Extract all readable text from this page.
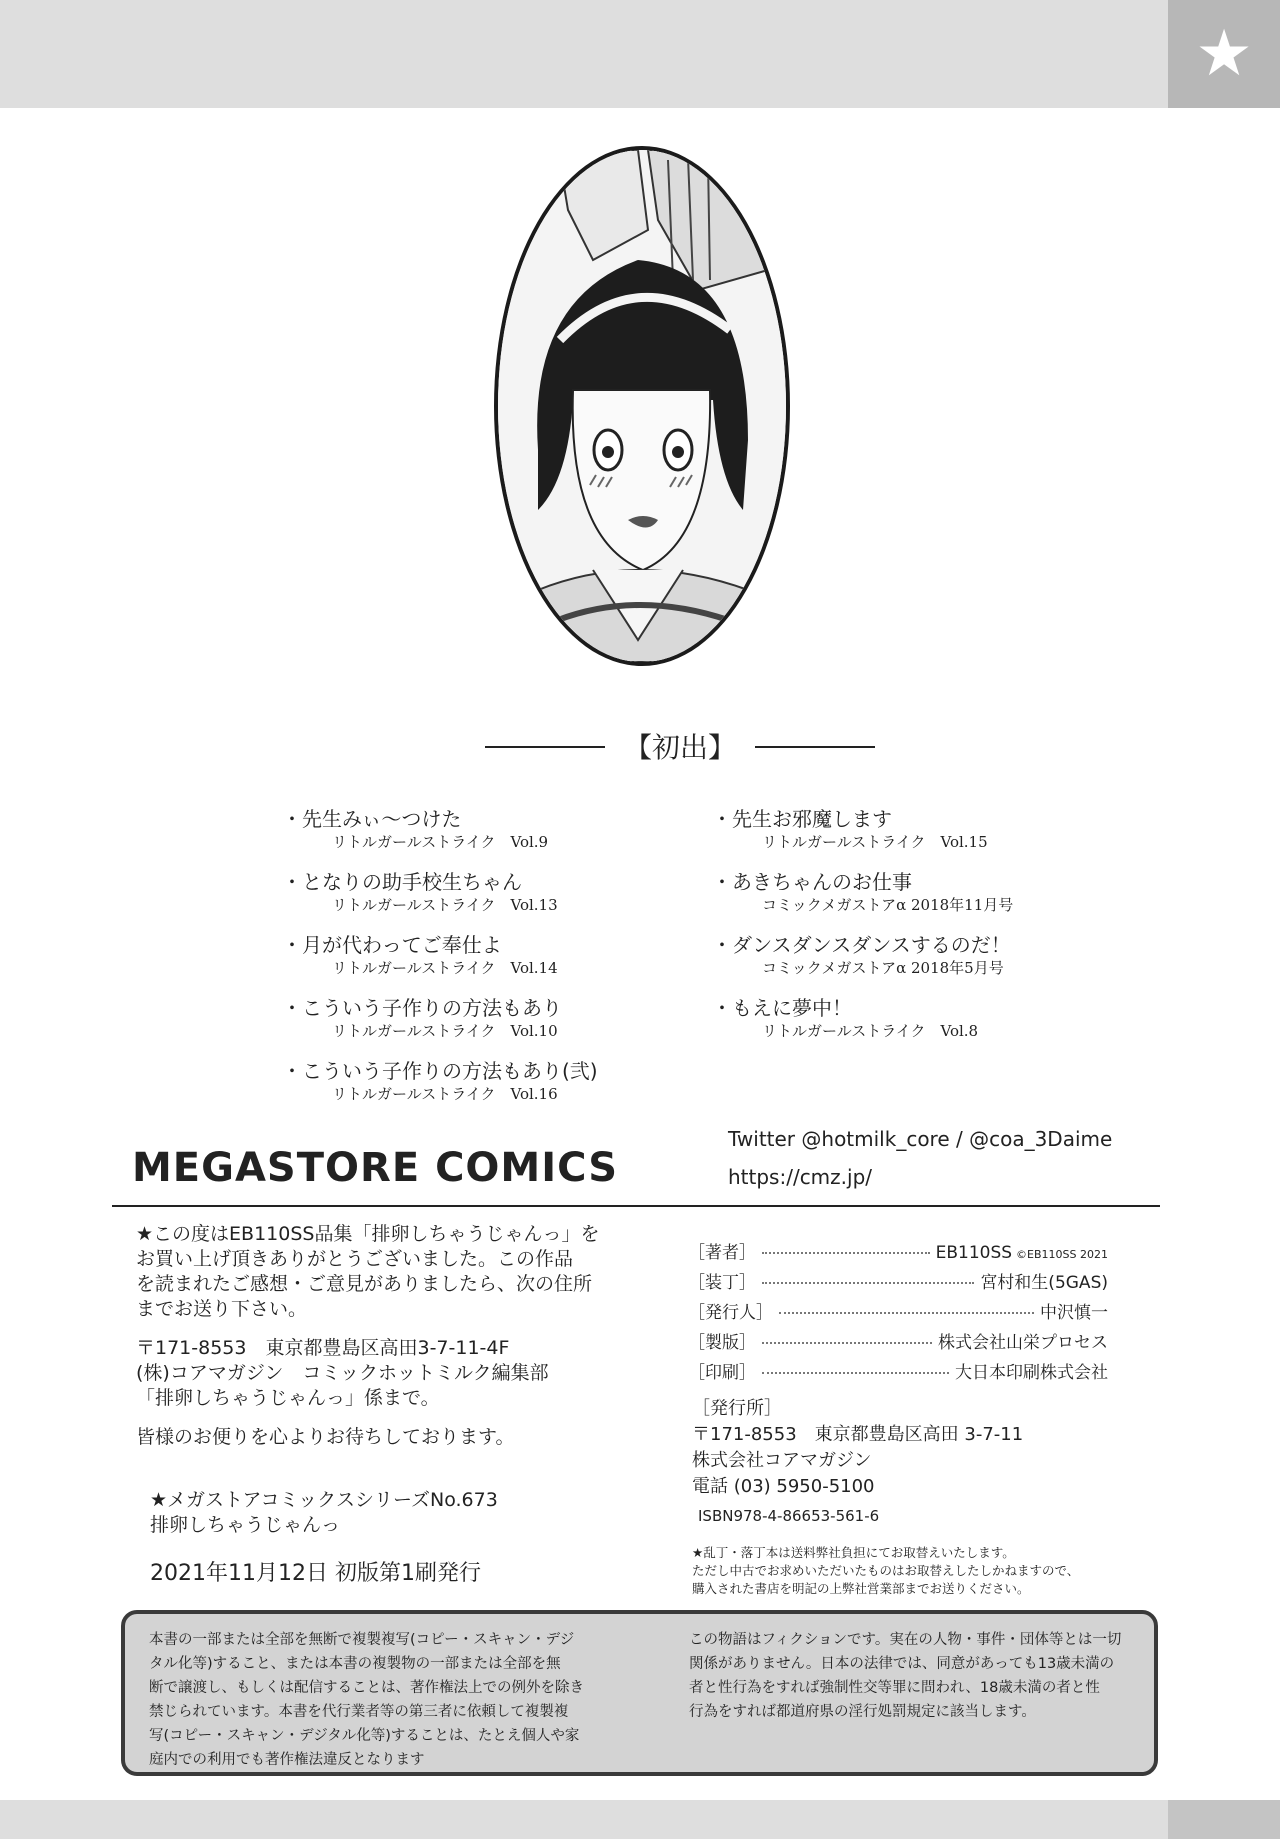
★
【初出】
・先生みぃ〜つけた
リトルガールストライク　Vol.9
・となりの助手校生ちゃん
リトルガールストライク　Vol.13
・月が代わってご奉仕よ
リトルガールストライク　Vol.14
・こういう子作りの方法もあり
リトルガールストライク　Vol.10
・こういう子作りの方法もあり(弐)
リトルガールストライク　Vol.16
・先生お邪魔します
リトルガールストライク　Vol.15
・あきちゃんのお仕事
コミックメガストアα 2018年11月号
・ダンスダンスダンスするのだ！
コミックメガストアα 2018年5月号
・もえに夢中！
リトルガールストライク　Vol.8
MEGASTORE COMICS
Twitter @hotmilk_core / @coa_3Daime
https://cmz.jp/

★この度はEB110SS品集「排卵しちゃうじゃんっ」を

お買い上げ頂きありがとうございました。この作品

を読まれたご感想・ご意見がありましたら、次の住所

までお送り下さい。

〒171-8553　東京都豊島区高田3-7-11-4F

(株)コアマガジン　コミックホットミルク編集部

「排卵しちゃうじゃんっ」係まで。

皆様のお便りを心よりお待ちしております。

★メガストアコミックスシリーズNo.673
排卵しちゃうじゃんっ
2021年11月12日 初版第1刷発行
［著者］	EB110SS ©EB110SS 2021
［装丁］	宮村和生(5GAS)
［発行人］	中沢慎一
［製版］	株式会社山栄プロセス
［印刷］	大日本印刷株式会社
［発行所］
〒171-8553　東京都豊島区高田 3-7-11
株式会社コアマガジン
電話 (03) 5950-5100
ISBN978-4-86653-561-6
★乱丁・落丁本は送料弊社負担にてお取替えいたします。
ただし中古でお求めいただいたものはお取替えしたしかねますので、
購入された書店を明記の上弊社営業部までお送りください。
本書の一部または全部を無断で複製複写(コピー・スキャン・デジ
タル化等)すること、または本書の複製物の一部または全部を無
断で譲渡し、もしくは配信することは、著作権法上での例外を除き
禁じられています。本書を代行業者等の第三者に依頼して複製複
写(コピー・スキャン・デジタル化等)することは、たとえ個人や家
庭内での利用でも著作権法違反となります
この物語はフィクションです。実在の人物・事件・団体等とは一切
関係がありません。日本の法律では、同意があっても13歳未満の
者と性行為をすれば強制性交等罪に問われ、18歳未満の者と性
行為をすれば都道府県の淫行処罰規定に該当します。
